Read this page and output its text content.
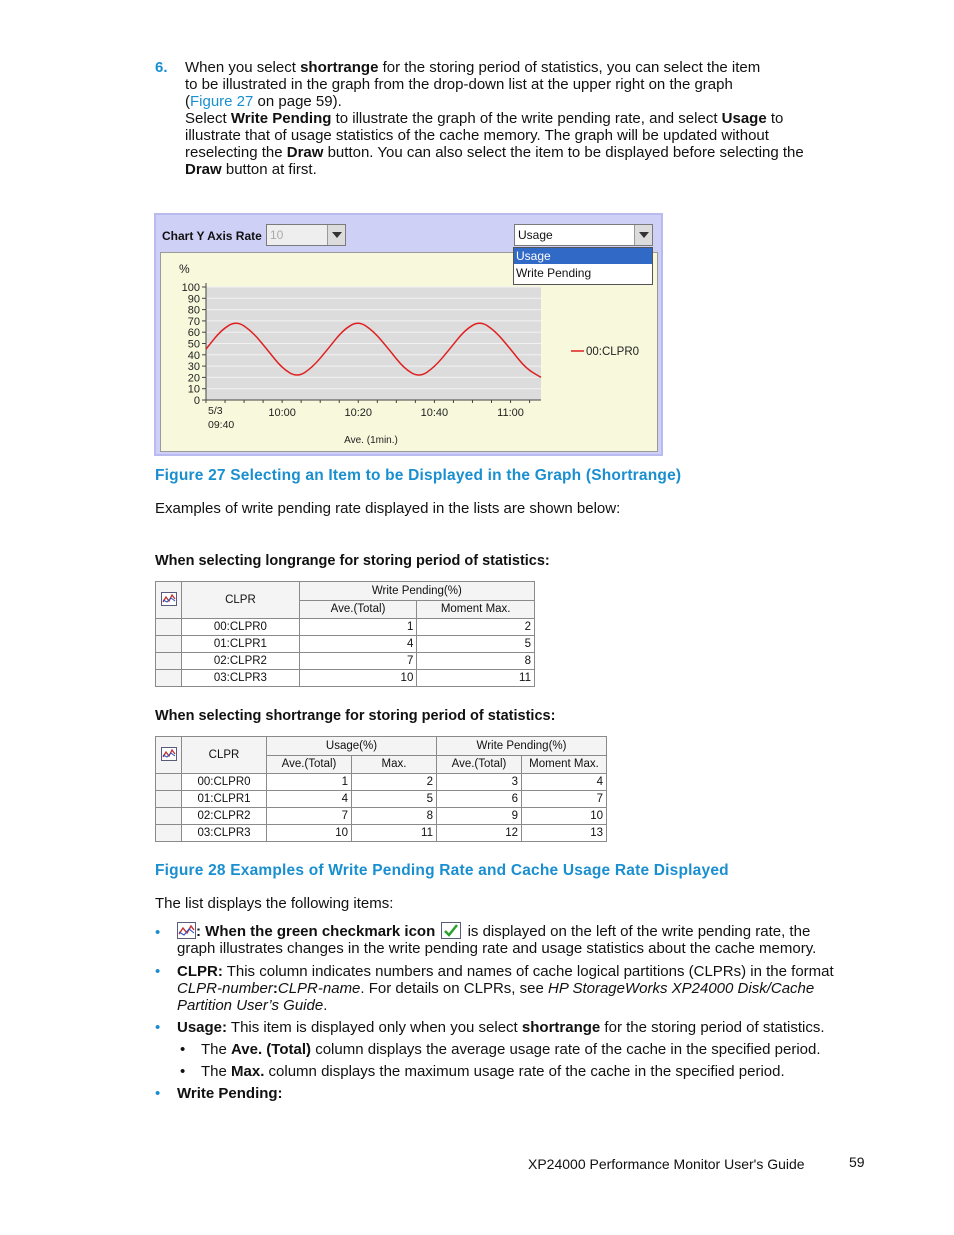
6. When you select shortrange for the storing period of statistics, you can select the item
to be illustrated in the graph from the drop-down list at the upper right on the graph
(Figure 27 on page 59).
Select Write Pending to illustrate the graph of the write pending rate, and select Usage to
illustrate that of usage statistics of the cache memory. The graph will be updated without
reselecting the Draw button. You can also select the item to be displayed before selecting the
Draw button at first.
Chart Y Axis Rate 10	Usage
Usage
Write Pending
0
10
20
30
40
50
60
70
80
90
100
10:00	10:20	10:40	11:00
%
5/3
09:40
Ave. (1min.)
00:CLPR0
Figure 27 Selecting an Item to be Displayed in the Graph (Shortrange)
Examples of write pending rate displayed in the lists are shown below:
When selecting longrange for storing period of statistics:
	CLPR	Write Pending(%)	
		Ave.(Total)	Moment Max.
	00:CLPR0	1	2
	01:CLPR1	4	5
	02:CLPR2	7	8
	03:CLPR3	10	11
When selecting shortrange for storing period of statistics:
	CLPR	Usage(%)		Write Pending(%)	
		Ave.(Total)	Max.	Ave.(Total)	Moment Max.
	00:CLPR0	1	2	3	4
	01:CLPR1	4	5	6	7
	02:CLPR2	7	8	9	10
	03:CLPR3	10	11	12	13
Figure 28 Examples of Write Pending Rate and Cache Usage Rate Displayed
The list displays the following items:
•	: When the green checkmark icon
is displayed on the left of the write pending rate, the
graph illustrates changes in the write pending rate and usage statistics about the cache memory.
• CLPR: This column indicates numbers and names of cache logical partitions (CLPRs) in the format
CLPR-number:CLPR-name. For details on CLPRs, see HP StorageWorks XP24000 Disk/Cache
Partition User’s Guide.
• Usage: This item is displayed only when you select shortrange for the storing period of statistics.
• The Ave. (Total) column displays the average usage rate of the cache in the specified period.
• The Max. column displays the maximum usage rate of the cache in the specified period.
• Write Pending:
XP24000 Performance Monitor User's Guide	59
